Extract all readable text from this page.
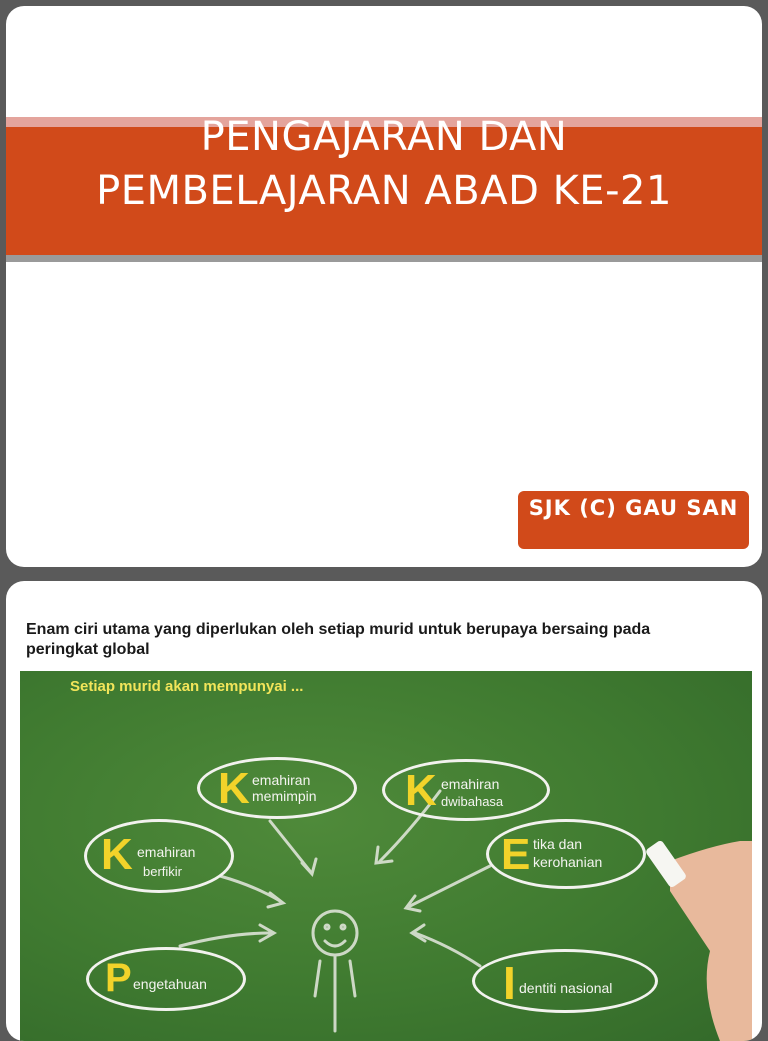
PENGAJARAN DAN PEMBELAJARAN ABAD KE-21
SJK (C) GAU SAN
Enam ciri utama yang diperlukan oleh setiap murid untuk berupaya bersaing pada peringkat global
Setiap murid akan mempunyai ...
K emahiran
memimpin K emahiran
dwibahasa
K emahiran
berfikir	E tika dan
kerohanian
P engetahuan	I dentiti nasional
